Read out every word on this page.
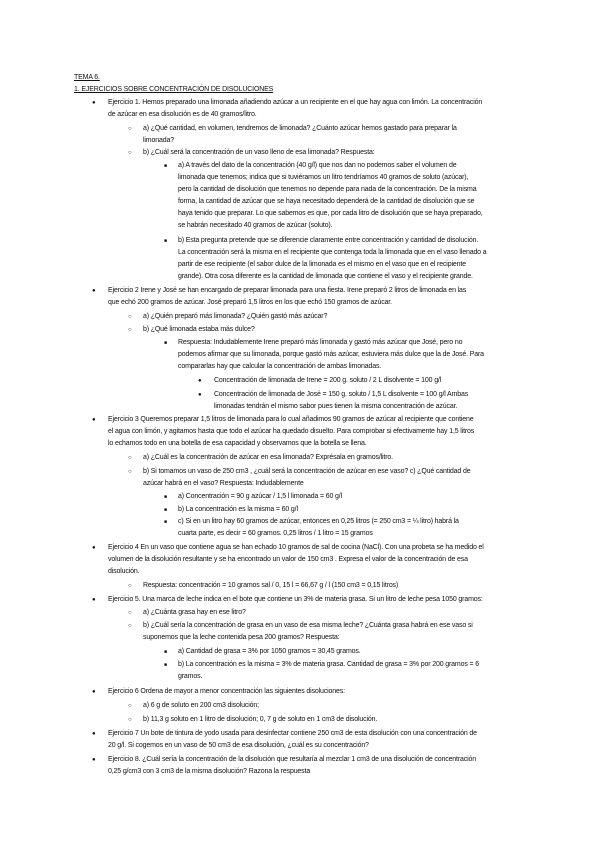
TEMA 6.
1. EJERCICIOS SOBRE CONCENTRACIÓN DE DISOLUCIONES
●
Ejercicio 1. Hemos preparado una limonada añadiendo azúcar a un recipiente en el que hay agua con limón. La concentración
de azúcar en esa disolución es de 40 gramos/litro.
○
a) ¿Qué cantidad, en volumen, tendremos de limonada? ¿Cuánto azúcar hemos gastado para preparar la
limonada?
○
b) ¿Cuál será la concentración de un vaso lleno de esa limonada? Respuesta:
■
a) A través del dato de la concentración (40 g/l) que nos dan no podemos saber el volumen de
limonada que tenemos; indica que si tuviéramos un litro tendríamos 40 gramos de soluto (azúcar),
pero la cantidad de disolución que tenemos no depende para nada de la concentración. De la misma
forma, la cantidad de azúcar que se haya necesitado dependerá de la cantidad de disolución que se
haya tenido que preparar. Lo que sabemos es que, por cada litro de disolución que se haya preparado,
se habrán necesitado 40 gramos de azúcar (soluto).
■
b) Esta pregunta pretende que se diferencie claramente entre concentración y cantidad de disolución.
La concentración será la misma en el recipiente que contenga toda la limonada que en el vaso llenado a
partir de ese recipiente (el sabor dulce de la limonada es el mismo en el vaso que en el recipiente
grande). Otra cosa diferente es la cantidad de limonada que contiene el vaso y el recipiente grande.
●
Ejercicio 2 Irene y José se han encargado de preparar limonada para una fiesta. Irene preparó 2 litros de limonada en las
que echó 200 gramos de azúcar. José preparó 1,5 litros en los que echó 150 gramos de azúcar.
○
a) ¿Quién preparó más limonada? ¿Quién gastó más azúcar?
○
b) ¿Qué limonada estaba más dulce?
■
Respuesta: Indudablemente Irene preparó más limonada y gastó más azúcar que José, pero no
podemos afirmar que su limonada, porque gastó más azúcar, estuviera más dulce que la de José. Para
compararlas hay que calcular la concentración de ambas limonadas.
●
Concentración de limonada de Irene = 200 g. soluto / 2 L disolvente = 100 g/l
●
Concentración de limonada de José = 150 g. soluto / 1,5 L disolvente = 100 g/l Ambas
limonadas tendrán el mismo sabor pues tienen la misma concentración de azúcar.
●
Ejercicio 3 Queremos preparar 1,5 litros de limonada para lo cual añadimos 90 gramos de azúcar al recipiente que contiene
el agua con limón, y agitamos hasta que todo el azúcar ha quedado disuelto. Para comprobar si efectivamente hay 1,5 litros
lo echamos todo en una botella de esa capacidad y observamos que la botella se llena.
○
a) ¿Cuál es la concentración de azúcar en esa limonada? Exprésala en gramos/litro.
○
b) Si tomamos un vaso de 250 cm3 , ¿cuál será la concentración de azúcar en ese vaso? c) ¿Qué cantidad de
azúcar habrá en el vaso? Respuesta: Indudablemente
■
a) Concentración = 90 g azúcar / 1,5 l limonada = 60 g/l
■
b) La concentración es la misma = 60 g/l
■
c) Si en un litro hay 60 gramos de azúcar, entonces en 0,25 litros (= 250 cm3 = ¼ litro) habrá la
cuarta parte, es decir = 60 gramos. 0,25 litros / 1 litro = 15 gramos
●
Ejercicio 4 En un vaso que contiene agua se han echado 10 gramos de sal de cocina (NaCl). Con una probeta se ha medido el
volumen de la disolución resultante y se ha encontrado un valor de 150 cm3 . Expresa el valor de la concentración de esa
disolución.
○
Respuesta: concentración = 10 gramos sal / 0, 15 l = 66,67 g / l (150 cm3 = 0,15 litros)
●
Ejercicio 5. Una marca de leche indica en el bote que contiene un 3% de materia grasa. Si un litro de leche pesa 1050 gramos:
○
a) ¿Cuánta grasa hay en ese litro?
○
b) ¿Cuál sería la concentración de grasa en un vaso de esa misma leche? ¿Cuánta grasa habrá en ese vaso si
suponemos que la leche contenida pesa 200 gramos? Respuesta:
■
a) Cantidad de grasa = 3% por 1050 gramos = 30,45 gramos.
■
b) La concentración es la misma = 3% de materia grasa. Cantidad de grasa = 3% por 200 gramos = 6
gramos.
●
Ejercicio 6 Ordena de mayor a menor concentración las siguientes disoluciones:
○
a) 6 g de soluto en 200 cm3 disolución;
○
b) 11,3 g soluto en 1 litro de disolución; 0, 7 g de soluto en 1 cm3 de disolución.
●
Ejercicio 7 Un bote de tintura de yodo usada para desinfectar contiene 250 cm3 de esta disolución con una concentración de
20 g/l. Si cogemos en un vaso de 50 cm3 de esa disolución, ¿cuál es su concentración?
●
Ejercicio 8. ¿Cuál sería la concentración de la disolución que resultaría al mezclar 1 cm3 de una disolución de concentración
0,25 g/cm3 con 3 cm3 de la misma disolución? Razona la respuesta
